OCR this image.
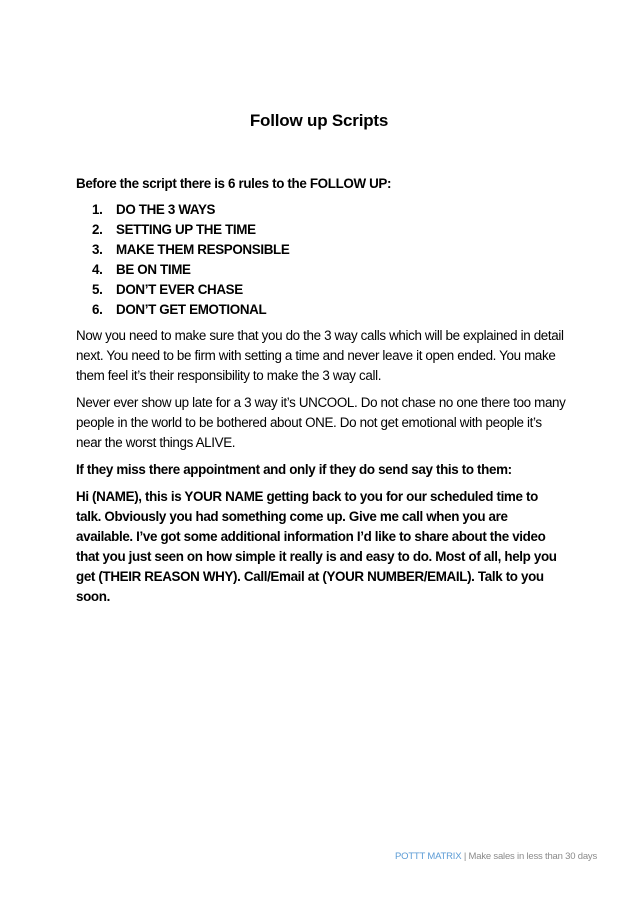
Follow up Scripts

Before the script there is 6 rules to the FOLLOW UP:

1. DO THE 3 WAYS
2. SETTING UP THE TIME
3. MAKE THEM RESPONSIBLE
4. BE ON TIME
5. DON’T EVER CHASE
6. DON’T GET EMOTIONAL

Now you need to make sure that you do the 3 way calls which will be explained in detail next. You need to be firm with setting a time and never leave it open ended. You make them feel it’s their responsibility to make the 3 way call.

Never ever show up late for a 3 way it’s UNCOOL. Do not chase no one there too many people in the world to be bothered about ONE. Do not get emotional with people it’s near the worst things ALIVE.

If they miss there appointment and only if they do send say this to them:

Hi (NAME), this is YOUR NAME getting back to you for our scheduled time to talk. Obviously you had something come up. Give me call when you are available. I’ve got some additional information I’d like to share about the video that you just seen on how simple it really is and easy to do. Most of all, help you get (THEIR REASON WHY). Call/Email at (YOUR NUMBER/EMAIL). Talk to you soon.

POTTT MATRIX | Make sales in less than 30 days
